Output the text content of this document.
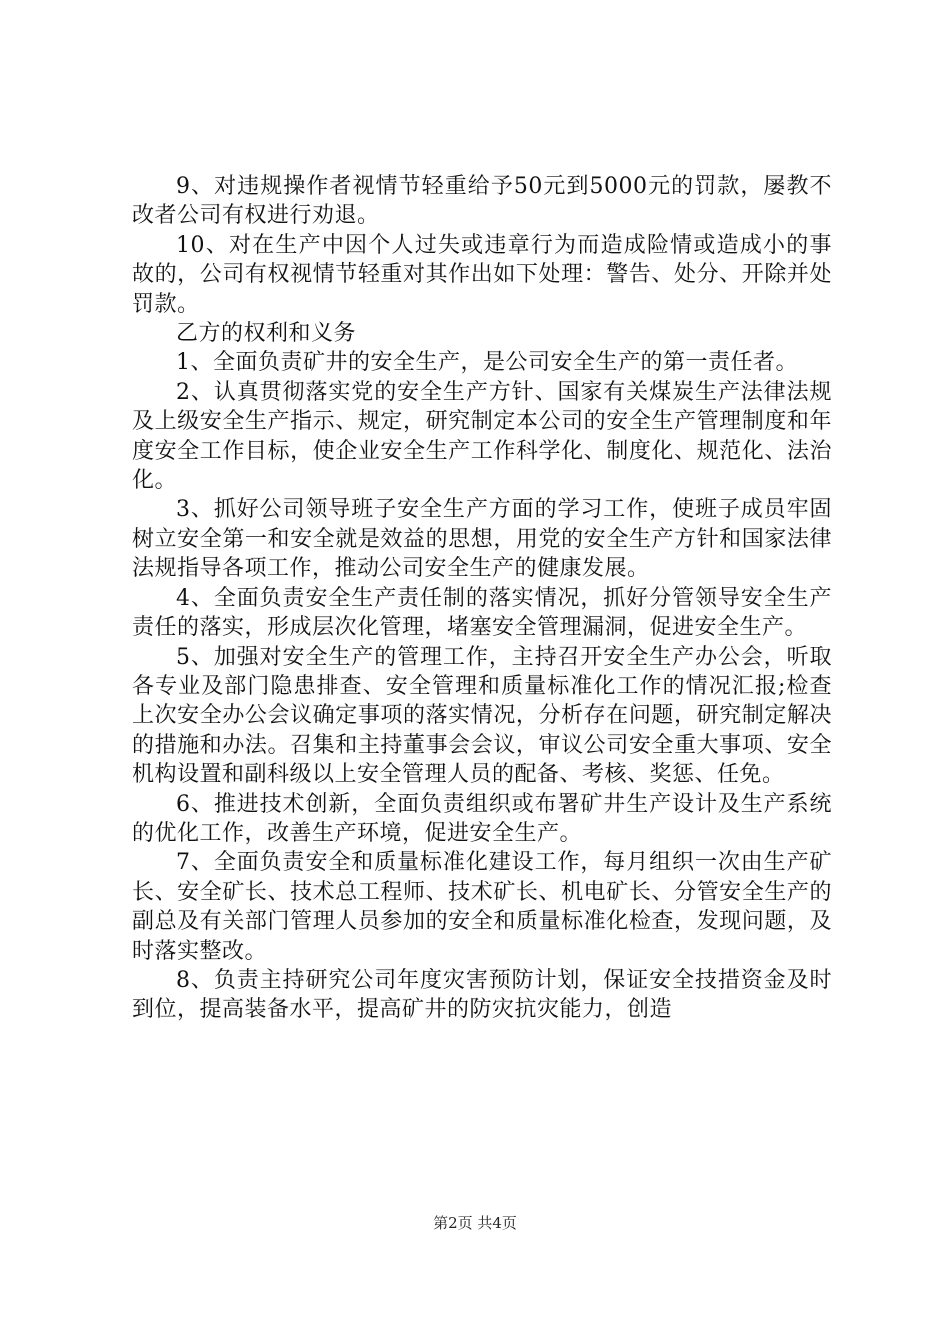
9、对违规操作者视情节轻重给予50元到5000元的罚款，屡教不改者公司有权进行劝退。

10、对在生产中因个人过失或违章行为而造成险情或造成小的事故的，公司有权视情节轻重对其作出如下处理：警告、处分、开除并处罚款。

乙方的权利和义务

1、全面负责矿井的安全生产，是公司安全生产的第一责任者。

2、认真贯彻落实党的安全生产方针、国家有关煤炭生产法律法规及上级安全生产指示、规定，研究制定本公司的安全生产管理制度和年度安全工作目标，使企业安全生产工作科学化、制度化、规范化、法治化。

3、抓好公司领导班子安全生产方面的学习工作，使班子成员牢固树立安全第一和安全就是效益的思想，用党的安全生产方针和国家法律法规指导各项工作，推动公司安全生产的健康发展。

4、全面负责安全生产责任制的落实情况，抓好分管领导安全生产责任的落实，形成层次化管理，堵塞安全管理漏洞，促进安全生产。

5、加强对安全生产的管理工作，主持召开安全生产办公会，听取各专业及部门隐患排查、安全管理和质量标准化工作的情况汇报;检查上次安全办公会议确定事项的落实情况，分析存在问题，研究制定解决的措施和办法。召集和主持董事会会议，审议公司安全重大事项、安全机构设置和副科级以上安全管理人员的配备、考核、奖惩、任免。

6、推进技术创新，全面负责组织或布署矿井生产设计及生产系统的优化工作，改善生产环境，促进安全生产。

7、全面负责安全和质量标准化建设工作，每月组织一次由生产矿长、安全矿长、技术总工程师、技术矿长、机电矿长、分管安全生产的副总及有关部门管理人员参加的安全和质量标准化检查，发现问题，及时落实整改。

8、负责主持研究公司年度灾害预防计划，保证安全技措资金及时到位，提高装备水平，提高矿井的防灾抗灾能力，创造

第2页 共4页
